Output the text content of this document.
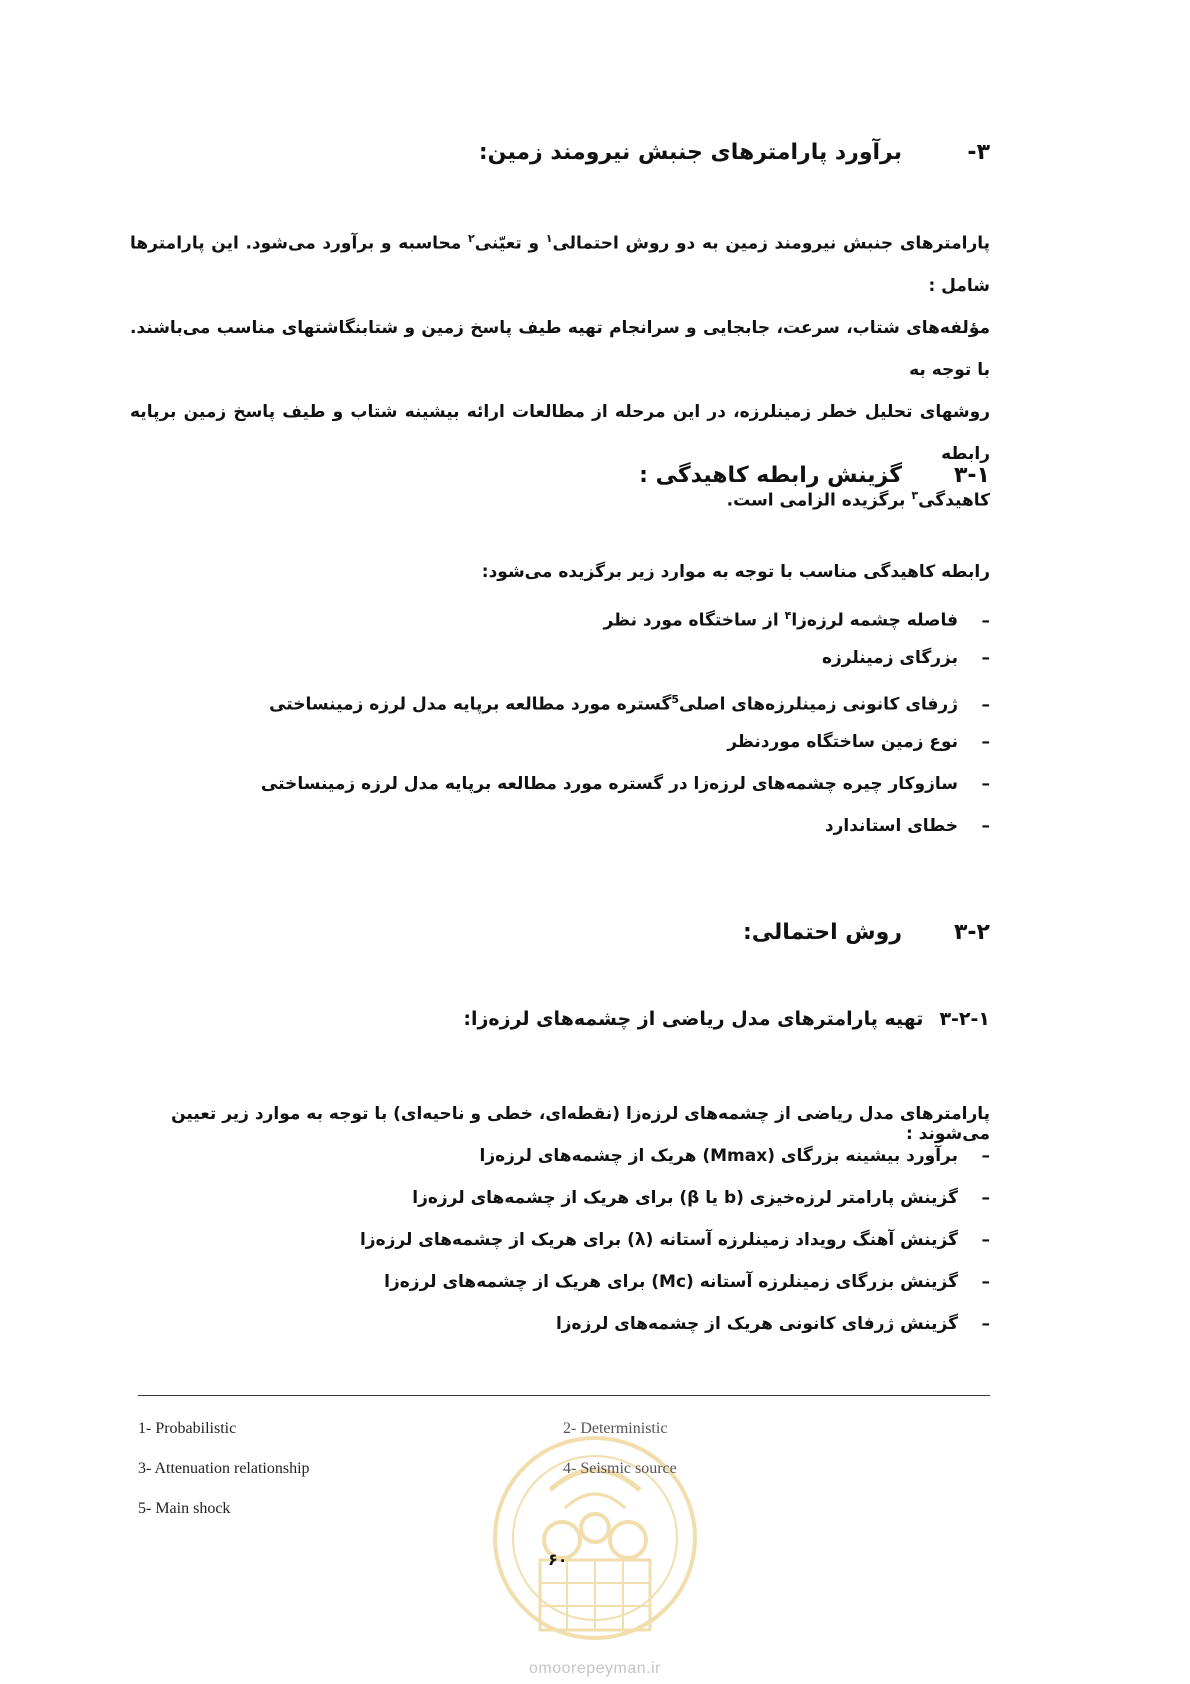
۳-برآورد پارامترهای جنبش نیرومند زمین:
پارامترهای جنبش نیرومند زمین به دو روش احتمالی$^۱$ و تعیّنی$^۲$ محاسبه و برآورد می‌شود. این پارامترها شامل :
مؤلفه‌های شتاب، سرعت، جابجایی و سرانجام تهیه طیف پاسخ زمین و شتابنگاشتهای مناسب می‌باشند. با توجه به
روشهای تحلیل خطر زمینلرزه، در این مرحله از مطالعات ارائه بیشینه شتاب و طیف پاسخ زمین برپایه رابطه
کاهیدگی$^۳$ برگزیده الزامی است.
۳-۱گزینش رابطه کاهیدگی :
رابطه کاهیدگی مناسب با توجه به موارد زیر برگزیده می‌شود:
–فاصله چشمه لرزه‌زا$^۴$ از ساختگاه مورد نظر
–بزرگای زمینلرزه
–ژرفای کانونی زمینلرزه‌های اصلی$^5$گستره مورد مطالعه برپایه مدل لرزه زمینساختی
–نوع زمین ساختگاه موردنظر
–سازوکار چیره چشمه‌های لرزه‌زا در گستره مورد مطالعه برپایه مدل لرزه زمینساختی
–خطای استاندارد
۳-۲روش احتمالی:
۳-۲-۱تهیه پارامترهای مدل ریاضی از چشمه‌های لرزه‌زا:
پارامترهای مدل ریاضی از چشمه‌های لرزه‌زا (نقطه‌ای، خطی و ناحیه‌ای) با توجه به موارد زیر تعیین می‌شوند :
–برآورد بیشینه بزرگای (Mmax) هریک از چشمه‌های لرزه‌زا
–گزینش پارامتر لرزه‌خیزی (b یا β) برای هریک از چشمه‌های لرزه‌زا
–گزینش آهنگ رویداد زمینلرزه آستانه (λ) برای هریک از چشمه‌های لرزه‌زا
–گزینش بزرگای زمینلرزه آستانه (Mc) برای هریک از چشمه‌های لرزه‌زا
–گزینش ژرفای کانونی هریک از چشمه‌های لرزه‌زا
1- Probabilistic	2- Deterministic
3- Attenuation relationship	4- Seismic source
5- Main shock
۶۰
omoorepeyman.ir
